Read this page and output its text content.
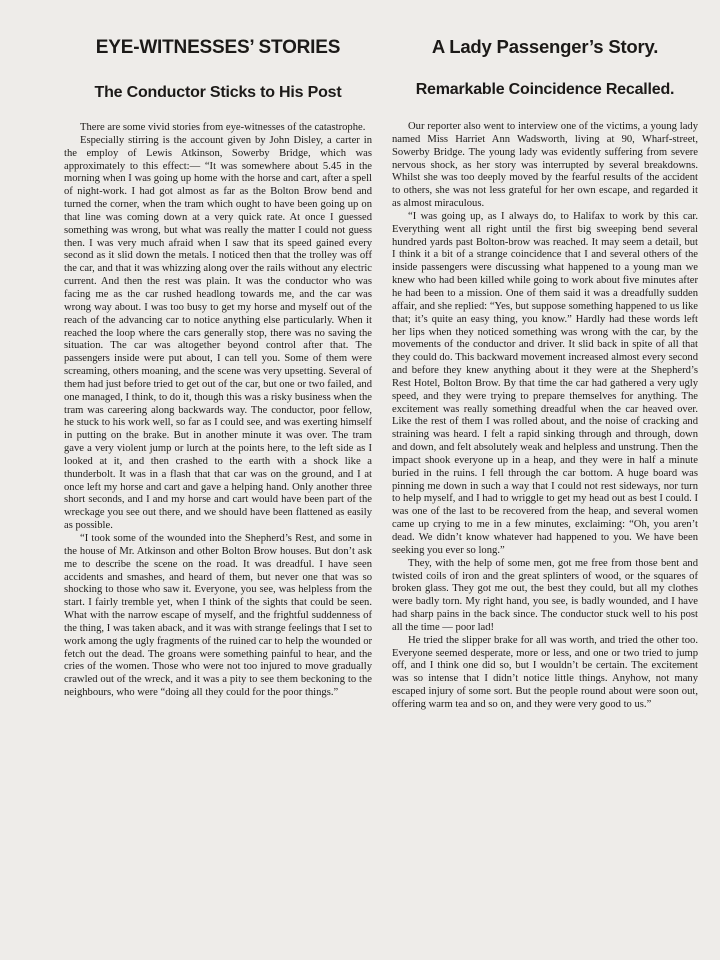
EYE-WITNESSES’ STORIES
The Conductor Sticks to His Post

There are some vivid stories from eye-witnesses of the catastrophe.

Especially stirring is the account given by John Disley, a carter in the employ of Lewis Atkinson, Sowerby Bridge, which was approximately to this effect:— “It was somewhere about 5.45 in the morning when I was going up home with the horse and cart, after a spell of night-work. I had got almost as far as the Bolton Brow bend and turned the corner, when the tram which ought to have been going up on that line was coming down at a very quick rate. At once I guessed something was wrong, but what was really the matter I could not guess then. I was very much afraid when I saw that its speed gained every second as it slid down the metals. I noticed then that the trolley was off the car, and that it was whizzing along over the rails without any electric current. And then the rest was plain. It was the conductor who was facing me as the car rushed headlong towards me, and the car was wrong way about. I was too busy to get my horse and myself out of the reach of the advancing car to notice anything else particularly. When it reached the loop where the cars generally stop, there was no saving the situation. The car was altogether beyond control after that. The passengers inside were put about, I can tell you. Some of them were screaming, others moaning, and the scene was very upsetting. Several of them had just before tried to get out of the car, but one or two failed, and one managed, I think, to do it, though this was a risky business when the tram was careering along backwards way. The conductor, poor fellow, he stuck to his work well, so far as I could see, and was exerting himself in putting on the brake. But in another minute it was over. The tram gave a very violent jump or lurch at the points here, to the left side as I looked at it, and then crashed to the earth with a shock like a thunderbolt. It was in a flash that that car was on the ground, and I at once left my horse and cart and gave a helping hand. Only another three short seconds, and I and my horse and cart would have been part of the wreckage you see out there, and we should have been flattened as easily as possible.

“I took some of the wounded into the Shepherd’s Rest, and some in the house of Mr. Atkinson and other Bolton Brow houses. But don’t ask me to describe the scene on the road. It was dreadful. I have seen accidents and smashes, and heard of them, but never one that was so shocking to those who saw it. Everyone, you see, was helpless from the start. I fairly tremble yet, when I think of the sights that could be seen. What with the narrow escape of myself, and the frightful suddenness of the thing, I was taken aback, and it was with strange feelings that I set to work among the ugly fragments of the ruined car to help the wounded or fetch out the dead. The groans were something painful to hear, and the cries of the women. Those who were not too injured to move gradually crawled out of the wreck, and it was a pity to see them beckoning to the neighbours, who were “doing all they could for the poor things.”

A Lady Passenger’s Story.
Remarkable Coincidence Recalled.

Our reporter also went to interview one of the victims, a young lady named Miss Harriet Ann Wadsworth, living at 90, Wharf-street, Sowerby Bridge. The young lady was evidently suffering from severe nervous shock, as her story was interrupted by several breakdowns. Whilst she was too deeply moved by the fearful results of the accident to others, she was not less grateful for her own escape, and regarded it as almost miraculous.

“I was going up, as I always do, to Halifax to work by this car. Everything went all right until the first big sweeping bend several hundred yards past Bolton-brow was reached. It may seem a detail, but I think it a bit of a strange coincidence that I and several others of the inside passengers were discussing what happened to a young man we knew who had been killed while going to work about five minutes after he had been to a mission. One of them said it was a dreadfully sudden affair, and she replied: “Yes, but suppose something happened to us like that; it’s quite an easy thing, you know.” Hardly had these words left her lips when they noticed something was wrong with the car, by the movements of the conductor and driver. It slid back in spite of all that they could do. This backward movement increased almost every second and before they knew anything about it they were at the Shepherd’s Rest Hotel, Bolton Brow. By that time the car had gathered a very ugly speed, and they were trying to prepare themselves for anything. The excitement was really something dreadful when the car heaved over. Like the rest of them I was rolled about, and the noise of cracking and straining was heard. I felt a rapid sinking through and through, down and down, and felt absolutely weak and helpless and unstrung. Then the impact shook everyone up in a heap, and they were in half a minute buried in the ruins. I fell through the car bottom. A huge board was pinning me down in such a way that I could not rest sideways, nor turn to help myself, and I had to wriggle to get my head out as best I could. I was one of the last to be recovered from the heap, and several women came up crying to me in a few minutes, exclaiming: “Oh, you aren’t dead. We didn’t know whatever had happened to you. We have been seeking you ever so long.”

They, with the help of some men, got me free from those bent and twisted coils of iron and the great splinters of wood, or the squares of broken glass. They got me out, the best they could, but all my clothes were badly torn. My right hand, you see, is badly wounded, and I have had sharp pains in the back since. The conductor stuck well to his post all the time — poor lad!

He tried the slipper brake for all was worth, and tried the other too. Everyone seemed desperate, more or less, and one or two tried to jump off, and I think one did so, but I wouldn’t be certain. The excitement was so intense that I didn’t notice little things. Anyhow, not many escaped injury of some sort. But the people round about were soon out, offering warm tea and so on, and they were very good to us.”
